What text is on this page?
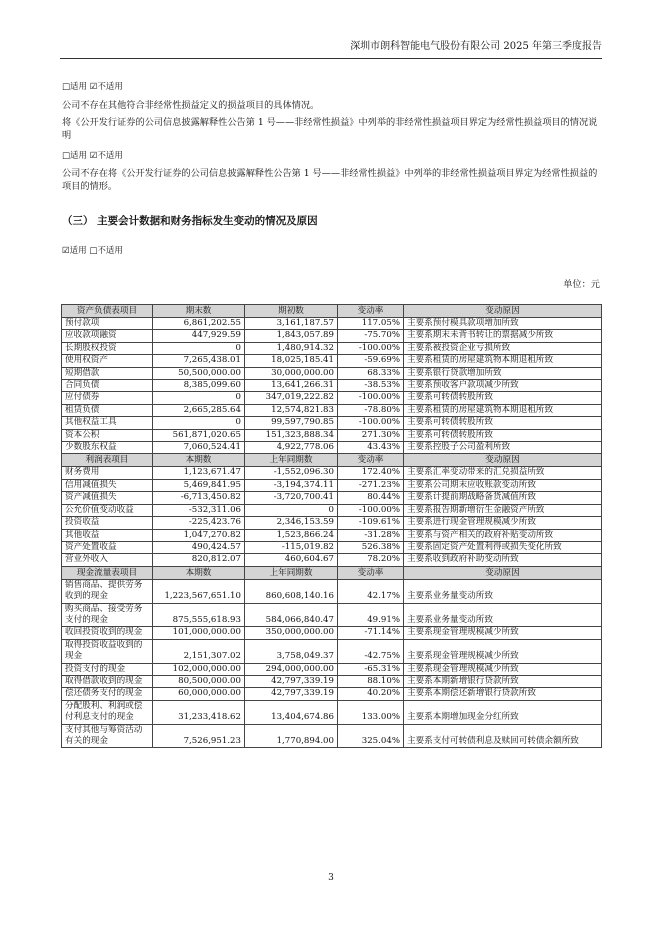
深圳市朗科智能电气股份有限公司 2025 年第三季度报告
□适用 ☑不适用
公司不存在其他符合非经常性损益定义的损益项目的具体情况。
将《公开发行证券的公司信息披露解释性公告第 1 号——非经常性损益》中列举的非经常性损益项目界定为经常性损益项目的情况说明
□适用 ☑不适用
公司不存在将《公开发行证券的公司信息披露解释性公告第 1 号——非经常性损益》中列举的非经常性损益项目界定为经常性损益的项目的情形。
（三） 主要会计数据和财务指标发生变动的情况及原因
☑适用 □不适用
单位：元
资产负债表项目	期末数	期初数	变动率	变动原因
预付款项	6,861,202.55	3,161,187.57	117.05%	主要系预付模具款项增加所致
应收款项融资	447,929.59	1,843,057.89	-75.70%	主要系期末未背书转让的票据减少所致
长期股权投资	0	1,480,914.32	-100.00%	主要系被投资企业亏损所致
使用权资产	7,265,438.01	18,025,185.41	-59.69%	主要系租赁的房屋建筑物本期退租所致
短期借款	50,500,000.00	30,000,000.00	68.33%	主要系银行贷款增加所致
合同负债	8,385,099.60	13,641,266.31	-38.53%	主要系预收客户款项减少所致
应付债券	0	347,019,222.82	-100.00%	主要系可转债转股所致
租赁负债	2,665,285.64	12,574,821.83	-78.80%	主要系租赁的房屋建筑物本期退租所致
其他权益工具	0	99,597,790.85	-100.00%	主要系可转债转股所致
资本公积	561,871,020.65	151,323,888.34	271.30%	主要系可转债转股所致
少数股东权益	7,060,524.41	4,922,778.06	43.43%	主要系控股子公司盈利所致
利润表项目	本期数	上年同期数	变动率	变动原因
财务费用	1,123,671.47	-1,552,096.30	172.40%	主要系汇率变动带来的汇兑损益所致
信用减值损失	5,469,841.95	-3,194,374.11	-271.23%	主要系公司期末应收账款变动所致
资产减值损失	-6,713,450.82	-3,720,700.41	80.44%	主要系计提前期战略备货减值所致
公允价值变动收益	-532,311.06	0	-100.00%	主要系报告期新增衍生金融资产所致
投资收益	-225,423.76	2,346,153.59	-109.61%	主要系进行现金管理规模减少所致
其他收益	1,047,270.82	1,523,866.24	-31.28%	主要系与资产相关的政府补贴变动所致
资产处置收益	490,424.57	-115,019.82	526.38%	主要系固定资产处置利得或损失变化所致
营业外收入	820,812.07	460,604.67	78.20%	主要系收到政府补助变动所致
现金流量表项目	本期数	上年同期数	变动率	变动原因
销售商品、提供劳务收到的现金	1,223,567,651.10	860,608,140.16	42.17%	主要系业务量变动所致
购买商品、接受劳务支付的现金	875,555,618.93	584,066,840.47	49.91%	主要系业务量变动所致
收回投资收到的现金	101,000,000.00	350,000,000.00	-71.14%	主要系现金管理规模减少所致
取得投资收益收到的现金	2,151,307.02	3,758,049.37	-42.75%	主要系现金管理规模减少所致
投资支付的现金	102,000,000.00	294,000,000.00	-65.31%	主要系现金管理规模减少所致
取得借款收到的现金	80,500,000.00	42,797,339.19	88.10%	主要系本期新增银行贷款所致
偿还债务支付的现金	60,000,000.00	42,797,339.19	40.20%	主要系本期偿还新增银行贷款所致
分配股利、利润或偿付利息支付的现金	31,233,418.62	13,404,674.86	133.00%	主要系本期增加现金分红所致
支付其他与筹资活动有关的现金	7,526,951.23	1,770,894.00	325.04%	主要系支付可转债利息及赎回可转债余额所致
3
